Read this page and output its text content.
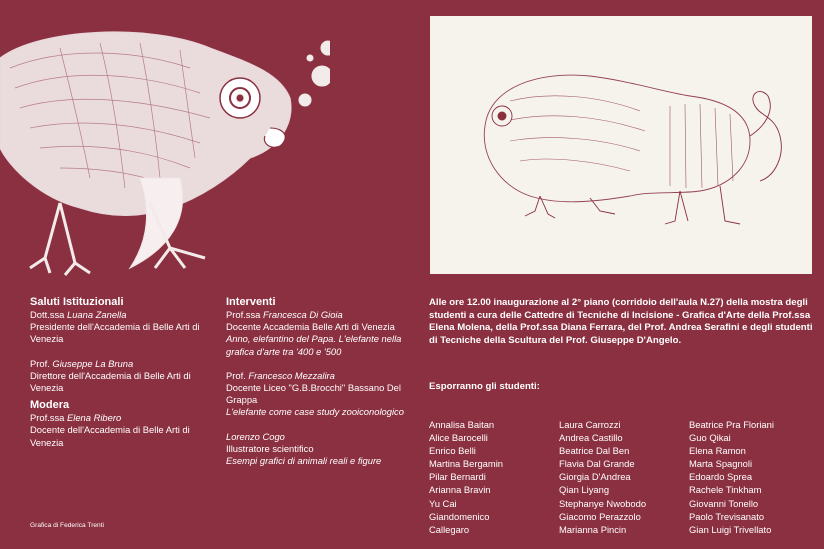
Saluti Istituzionali

Dott.ssa Luana Zanella

Presidente dell'Accademia di Belle Arti di Venezia

Prof. Giuseppe La Bruna

Direttore dell'Accademia di Belle Arti di Venezia

Modera

Prof.ssa Elena Ribero

Docente dell'Accademia di Belle Arti di Venezia

Interventi

Prof.ssa Francesca Di Gioia

Docente Accademia Belle Arti di Venezia

Anno, elefantino del Papa. L'elefante nella grafica d'arte tra '400 e '500

Prof. Francesco Mezzalira

Docente Liceo "G.B.Brocchi" Bassano Del Grappa

L'elefante come case study zooiconologico

Lorenzo Cogo

Illustratore scientifico

Esempi grafici di animali reali e figure

Alle ore 12.00 inaugurazione al 2° piano (corridoio dell'aula N.27) della mostra degli studenti a cura delle Cattedre di Tecniche di Incisione - Grafica d'Arte della Prof.ssa Elena Molena, della Prof.ssa Diana Ferrara, del Prof. Andrea Serafini e degli studenti di Tecniche della Scultura del Prof. Giuseppe D'Angelo.

Esporranno gli studenti:

Annalisa Baitan
Alice Barocelli
Enrico Belli
Martina Bergamin
Pilar Bernardi
Arianna Bravin
Yu Cai
Giandomenico
Callegaro
Laura Carrozzi
Andrea Castillo
Beatrice Dal Ben
Flavia Dal Grande
Giorgia D'Andrea
Qian Liyang
Stephanye Nwobodo
Giacomo Perazzolo
Marianna Pincin
Beatrice Pra Floriani
Guo Qikai
Elena Ramon
Marta Spagnoli
Edoardo Sprea
Rachele Tinkham
Giovanni Tonello
Paolo Trevisanato
Gian Luigi Trivellato
Grafica di Federica Trenti
